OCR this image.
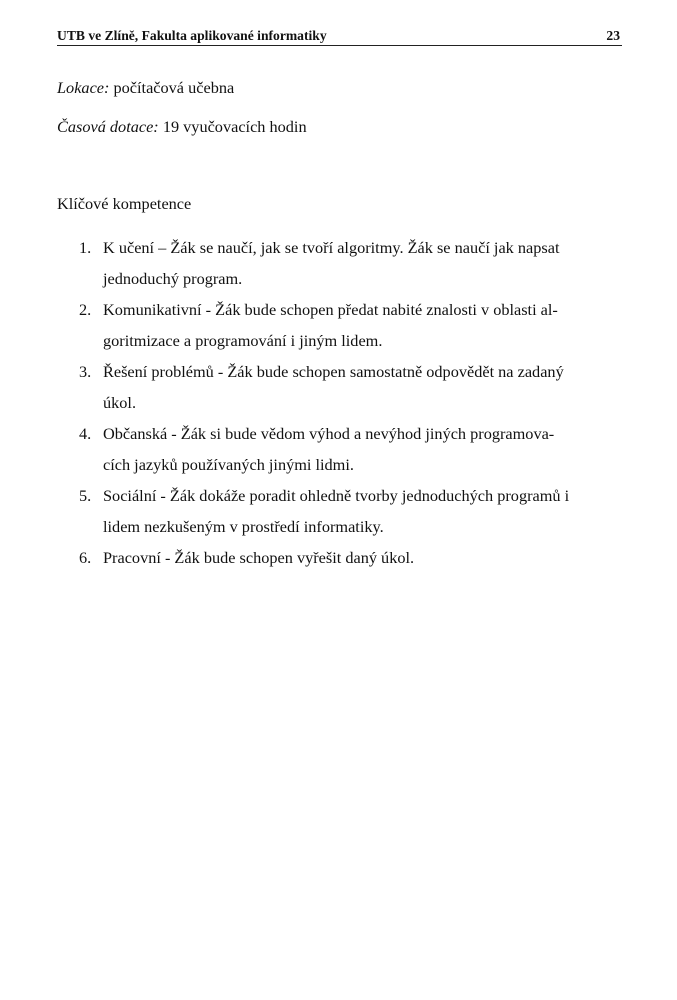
UTB ve Zlíně, Fakulta aplikované informatiky	23
Lokace: počítačová učebna
Časová dotace: 19 vyučovacích hodin
Klíčové kompetence
1. K učení – Žák se naučí, jak se tvoří algoritmy. Žák se naučí jak napsat
jednoduchý program.
2. Komunikativní - Žák bude schopen předat nabité znalosti v oblasti al-
goritmizace a programování i jiným lidem.
3. Řešení problémů - Žák bude schopen samostatně odpovědět na zadaný
úkol.
4. Občanská - Žák si bude vědom výhod a nevýhod jiných programova-
cích jazyků používaných jinými lidmi.
5. Sociální - Žák dokáže poradit ohledně tvorby jednoduchých programů i
lidem nezkušeným v prostředí informatiky.
6. Pracovní - Žák bude schopen vyřešit daný úkol.
